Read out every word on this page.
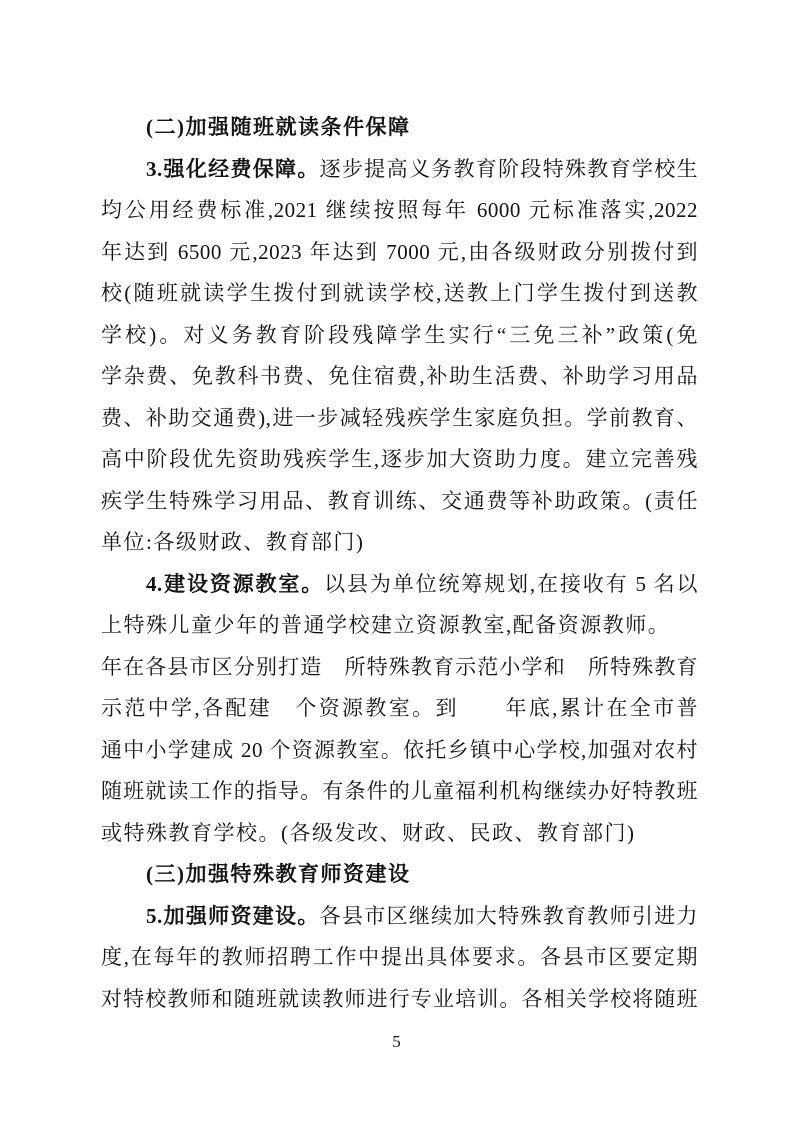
(二)加强随班就读条件保障
3.强化经费保障。逐步提高义务教育阶段特殊教育学校生
均公用经费标准,2021 继续按照每年 6000 元标准落实,2022
年达到 6500 元,2023 年达到 7000 元,由各级财政分别拨付到
校(随班就读学生拨付到就读学校,送教上门学生拨付到送教
学校)。对义务教育阶段残障学生实行“三免三补”政策(免
学杂费、免教科书费、免住宿费,补助生活费、补助学习用品
费、补助交通费),进一步减轻残疾学生家庭负担。学前教育、
高中阶段优先资助残疾学生,逐步加大资助力度。建立完善残
疾学生特殊学习用品、教育训练、交通费等补助政策。(责任
单位:各级财政、教育部门)
4.建设资源教室。以县为单位统筹规划,在接收有 5 名以
上特殊儿童少年的普通学校建立资源教室,配备资源教师。
年在各县市区分别打造　所特殊教育示范小学和　所特殊教育
示范中学,各配建　个资源教室。到　　年底,累计在全市普
通中小学建成 20 个资源教室。依托乡镇中心学校,加强对农村
随班就读工作的指导。有条件的儿童福利机构继续办好特教班
或特殊教育学校。(各级发改、财政、民政、教育部门)
(三)加强特殊教育师资建设
5.加强师资建设。各县市区继续加大特殊教育教师引进力
度,在每年的教师招聘工作中提出具体要求。各县市区要定期
对特校教师和随班就读教师进行专业培训。各相关学校将随班
5
